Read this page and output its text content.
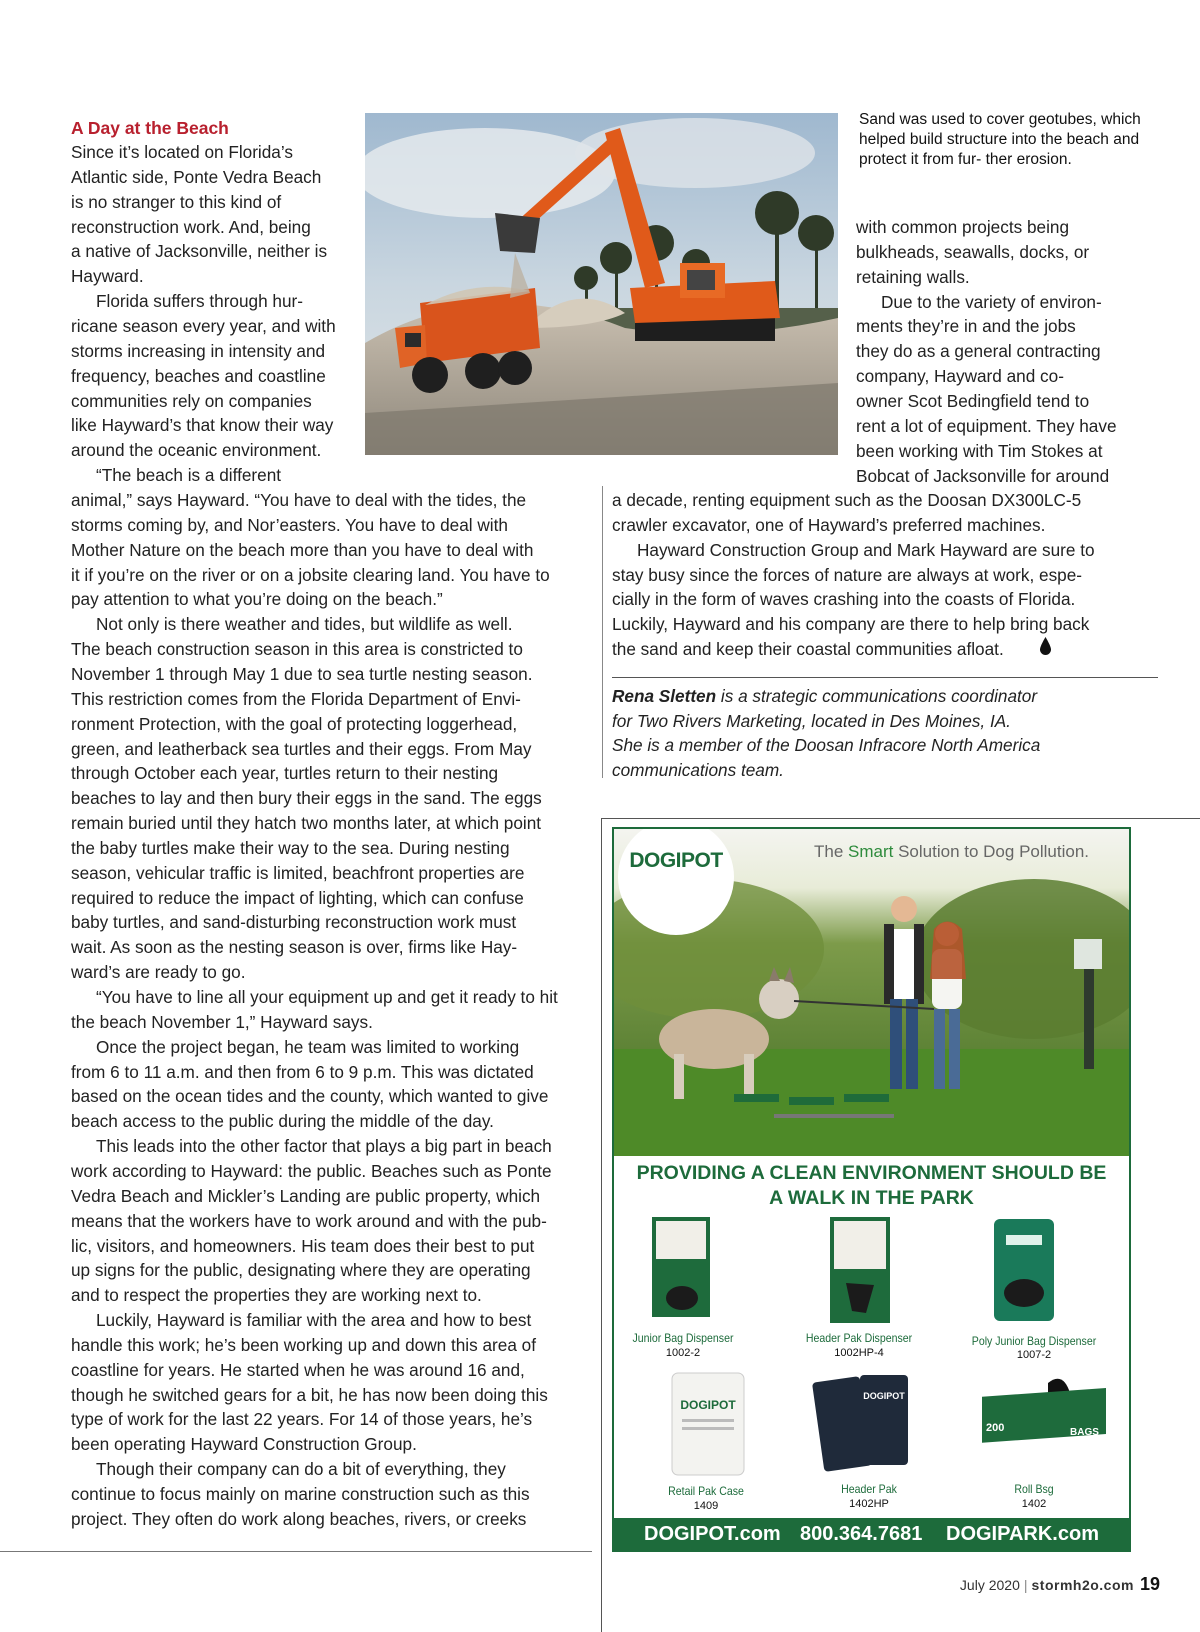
A Day at the Beach
Since it’s located on Florida’s
Atlantic side, Ponte Vedra Beach
is no stranger to this kind of
reconstruction work. And, being
a native of Jacksonville, neither is
Hayward.
Florida suffers through hur-
ricane season every year, and with
storms increasing in intensity and
frequency, beaches and coastline
communities rely on companies
like Hayward’s that know their way
around the oceanic environment.
“The beach is a different
animal,” says Hayward. “You have to deal with the tides, the
storms coming by, and Nor’easters. You have to deal with
Mother Nature on the beach more than you have to deal with
it if you’re on the river or on a jobsite clearing land. You have to
pay attention to what you’re doing on the beach.”
Not only is there weather and tides, but wildlife as well.
The beach construction season in this area is constricted to
November 1 through May 1 due to sea turtle nesting season.
This restriction comes from the Florida Department of Envi-
ronment Protection, with the goal of protecting loggerhead,
green, and leatherback sea turtles and their eggs. From May
through October each year, turtles return to their nesting
beaches to lay and then bury their eggs in the sand. The eggs
remain buried until they hatch two months later, at which point
the baby turtles make their way to the sea. During nesting
season, vehicular traffic is limited, beachfront properties are
required to reduce the impact of lighting, which can confuse
baby turtles, and sand-disturbing reconstruction work must
wait. As soon as the nesting season is over, firms like Hay-
ward’s are ready to go.
“You have to line all your equipment up and get it ready to hit
the beach November 1,” Hayward says.
Once the project began, he team was limited to working
from 6 to 11 a.m. and then from 6 to 9 p.m. This was dictated
based on the ocean tides and the county, which wanted to give
beach access to the public during the middle of the day.
This leads into the other factor that plays a big part in beach
work according to Hayward: the public. Beaches such as Ponte
Vedra Beach and Mickler’s Landing are public property, which
means that the workers have to work around and with the pub-
lic, visitors, and homeowners. His team does their best to put
up signs for the public, designating where they are operating
and to respect the properties they are working next to.
Luckily, Hayward is familiar with the area and how to best
handle this work; he’s been working up and down this area of
coastline for years. He started when he was around 16 and,
though he switched gears for a bit, he has now been doing this
type of work for the last 22 years. For 14 of those years, he’s
been operating Hayward Construction Group.
Though their company can do a bit of everything, they
continue to focus mainly on marine construction such as this
project. They often do work along beaches, rivers, or creeks
Sand was used to cover geotubes, which helped build structure into the beach and protect it from fur- ther erosion.
with common projects being
bulkheads, seawalls, docks, or
retaining walls.
Due to the variety of environ-
ments they’re in and the jobs
they do as a general contracting
company, Hayward and co-
owner Scot Bedingfield tend to
rent a lot of equipment. They have
been working with Tim Stokes at
Bobcat of Jacksonville for around
a decade, renting equipment such as the Doosan DX300LC-5
crawler excavator, one of Hayward’s preferred machines.
Hayward Construction Group and Mark Hayward are sure to
stay busy since the forces of nature are always at work, espe-
cially in the form of waves crashing into the coasts of Florida.
Luckily, Hayward and his company are there to help bring back
the sand and keep their coastal communities afloat.
Rena Sletten is a strategic communications coordinator
for Two Rivers Marketing, located in Des Moines, IA.
She is a member of the Doosan Infracore North America
communications team.
The Smart Solution to Dog Pollution.
DOGIPOT
PROVIDING A CLEAN ENVIRONMENT SHOULD BE
A WALK IN THE PARK
DOGIPOT
DOGIPOT
200	BAGS
Junior Bag Dispenser
1002-2
Header Pak Dispenser
1002HP-4
Poly Junior Bag Dispenser
1007-2
Retail Pak Case
1409
Header Pak
1402HP
Roll Bsg
1402
DOGIPOT.com 800.364.7681 DOGIPARK.com
July 2020 | stormh2o.com 19
